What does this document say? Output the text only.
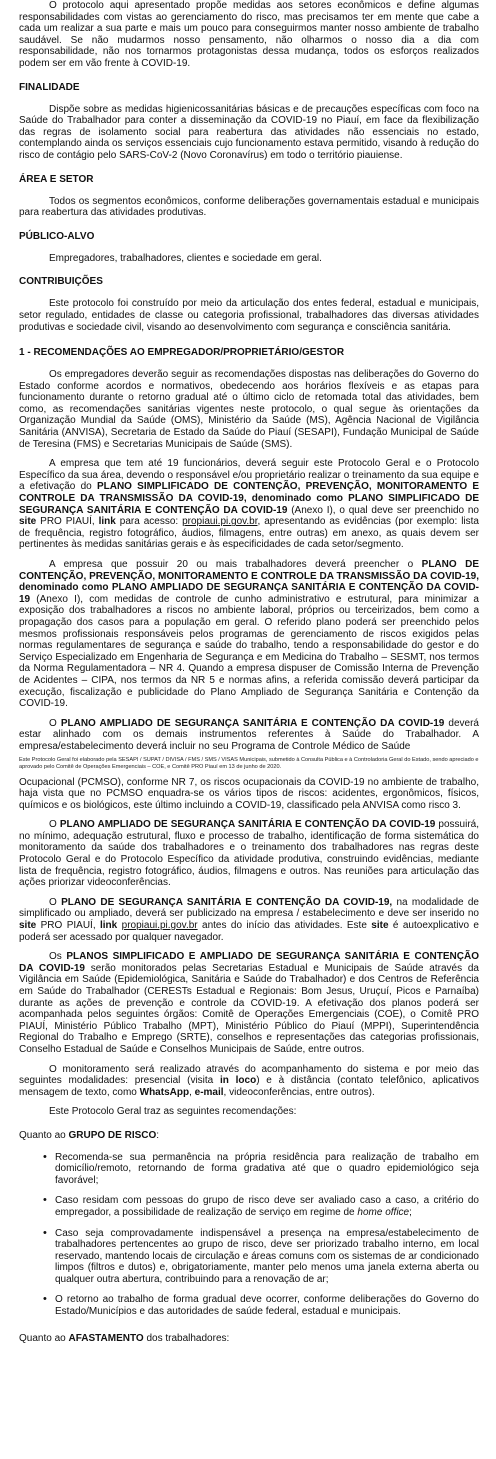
O protocolo aqui apresentado propõe medidas aos setores econômicos e define algumas responsabilidades com vistas ao gerenciamento do risco, mas precisamos ter em mente que cabe a cada um realizar a sua parte e mais um pouco para conseguirmos manter nosso ambiente de trabalho saudável. Se não mudarmos nosso pensamento, não olharmos o nosso dia a dia com responsabilidade, não nos tornarmos protagonistas dessa mudança, todos os esforços realizados podem ser em vão frente à COVID-19.

FINALIDADE

Dispõe sobre as medidas higienicossanitárias básicas e de precauções específicas com foco na Saúde do Trabalhador para conter a disseminação da COVID-19 no Piauí, em face da flexibilização das regras de isolamento social para reabertura das atividades não essenciais no estado, contemplando ainda os serviços essenciais cujo funcionamento estava permitido, visando à redução do risco de contágio pelo SARS-CoV-2 (Novo Coronavírus) em todo o território piauiense.

ÁREA E SETOR

Todos os segmentos econômicos, conforme deliberações governamentais estadual e municipais para reabertura das atividades produtivas.

PÚBLICO-ALVO

Empregadores, trabalhadores, clientes e sociedade em geral.

CONTRIBUIÇÕES

Este protocolo foi construído por meio da articulação dos entes federal, estadual e municipais, setor regulado, entidades de classe ou categoria profissional, trabalhadores das diversas atividades produtivas e sociedade civil, visando ao desenvolvimento com segurança e consciência sanitária.

1 - RECOMENDAÇÕES AO EMPREGADOR/PROPRIETÁRIO/GESTOR

Os empregadores deverão seguir as recomendações dispostas nas deliberações do Governo do Estado conforme acordos e normativos, obedecendo aos horários flexíveis e as etapas para funcionamento durante o retorno gradual até o último ciclo de retomada total das atividades, bem como, as recomendações sanitárias vigentes neste protocolo, o qual segue às orientações da Organização Mundial da Saúde (OMS), Ministério da Saúde (MS), Agência Nacional de Vigilância Sanitária (ANVISA), Secretaria de Estado da Saúde do Piauí (SESAPI), Fundação Municipal de Saúde de Teresina (FMS) e Secretarias Municipais de Saúde (SMS).

A empresa que tem até 19 funcionários, deverá seguir este Protocolo Geral e o Protocolo Específico da sua área, devendo o responsável e/ou proprietário realizar o treinamento da sua equipe e a efetivação do PLANO SIMPLIFICADO DE CONTENÇÃO, PREVENÇÃO, MONITORAMENTO E CONTROLE DA TRANSMISSÃO DA COVID-19, denominado como PLANO SIMPLIFICADO DE SEGURANÇA SANITÁRIA E CONTENÇÃO DA COVID-19 (Anexo I), o qual deve ser preenchido no site PRO PIAUÍ, link para acesso: propiaui.pi.gov.br, apresentando as evidências (por exemplo: lista de frequência, registro fotográfico, áudios, filmagens, entre outras) em anexo, as quais devem ser pertinentes às medidas sanitárias gerais e às especificidades de cada setor/segmento.

A empresa que possuir 20 ou mais trabalhadores deverá preencher o PLANO DE CONTENÇÃO, PREVENÇÃO, MONITORAMENTO E CONTROLE DA TRANSMISSÃO DA COVID-19, denominado como PLANO AMPLIADO DE SEGURANÇA SANITÁRIA E CONTENÇÃO DA COVID-19 (Anexo I), com medidas de controle de cunho administrativo e estrutural, para minimizar a exposição dos trabalhadores a riscos no ambiente laboral, próprios ou terceirizados, bem como a propagação dos casos para a população em geral. O referido plano poderá ser preenchido pelos mesmos profissionais responsáveis pelos programas de gerenciamento de riscos exigidos pelas normas regulamentares de segurança e saúde do trabalho, tendo a responsabilidade do gestor e do Serviço Especializado em Engenharia de Segurança e em Medicina do Trabalho – SESMT, nos termos da Norma Regulamentadora – NR 4. Quando a empresa dispuser de Comissão Interna de Prevenção de Acidentes – CIPA, nos termos da NR 5 e normas afins, a referida comissão deverá participar da execução, fiscalização e publicidade do Plano Ampliado de Segurança Sanitária e Contenção da COVID-19.

O PLANO AMPLIADO DE SEGURANÇA SANITÁRIA E CONTENÇÃO DA COVID-19 deverá estar alinhado com os demais instrumentos referentes à Saúde do Trabalhador. A empresa/estabelecimento deverá incluir no seu Programa de Controle Médico de Saúde

Este Protocolo Geral foi elaborado pela SESAPI / SUPAT / DIVISA / FMS / SMS / VISAS Municipais, submetido à Consulta Pública e à Controladoria Geral do Estado, sendo apreciado e aprovado pelo Comitê de Operações Emergenciais – COE, e Comitê PRO Piauí em 13 de junho de 2020.

Ocupacional (PCMSO), conforme NR 7, os riscos ocupacionais da COVID-19 no ambiente de trabalho, haja vista que no PCMSO enquadra-se os vários tipos de riscos: acidentes, ergonômicos, físicos, químicos e os biológicos, este último incluindo a COVID-19, classificado pela ANVISA como risco 3.

O PLANO AMPLIADO DE SEGURANÇA SANITÁRIA E CONTENÇÃO DA COVID-19 possuirá, no mínimo, adequação estrutural, fluxo e processo de trabalho, identificação de forma sistemática do monitoramento da saúde dos trabalhadores e o treinamento dos trabalhadores nas regras deste Protocolo Geral e do Protocolo Específico da atividade produtiva, construindo evidências, mediante lista de frequência, registro fotográfico, áudios, filmagens e outros. Nas reuniões para articulação das ações priorizar videoconferências.

O PLANO DE SEGURANÇA SANITÁRIA E CONTENÇÃO DA COVID-19, na modalidade de simplificado ou ampliado, deverá ser publicizado na empresa / estabelecimento e deve ser inserido no site PRO PIAUÍ, link propiaui.pi.gov.br antes do início das atividades. Este site é autoexplicativo e poderá ser acessado por qualquer navegador.

Os PLANOS SIMPLIFICADO E AMPLIADO DE SEGURANÇA SANITÁRIA E CONTENÇÃO DA COVID-19 serão monitorados pelas Secretarias Estadual e Municipais de Saúde através da Vigilância em Saúde (Epidemiológica, Sanitária e Saúde do Trabalhador) e dos Centros de Referência em Saúde do Trabalhador (CERESTs Estadual e Regionais: Bom Jesus, Uruçuí, Picos e Parnaíba) durante as ações de prevenção e controle da COVID-19. A efetivação dos planos poderá ser acompanhada pelos seguintes órgãos: Comitê de Operações Emergenciais (COE), o Comitê PRO PIAUÍ, Ministério Público Trabalho (MPT), Ministério Público do Piauí (MPPI), Superintendência Regional do Trabalho e Emprego (SRTE), conselhos e representações das categorias profissionais, Conselho Estadual de Saúde e Conselhos Municipais de Saúde, entre outros.

O monitoramento será realizado através do acompanhamento do sistema e por meio das seguintes modalidades: presencial (visita in loco) e à distância (contato telefônico, aplicativos mensagem de texto, como WhatsApp, e-mail, videoconferências, entre outros).

Este Protocolo Geral traz as seguintes recomendações:

Quanto ao GRUPO DE RISCO:

• Recomenda-se sua permanência na própria residência para realização de trabalho em domicílio/remoto, retornando de forma gradativa até que o quadro epidemiológico seja favorável;
• Caso residam com pessoas do grupo de risco deve ser avaliado caso a caso, a critério do empregador, a possibilidade de realização de serviço em regime de home office;
• Caso seja comprovadamente indispensável a presença na empresa/estabelecimento de trabalhadores pertencentes ao grupo de risco, deve ser priorizado trabalho interno, em local reservado, mantendo locais de circulação e áreas comuns com os sistemas de ar condicionado limpos (filtros e dutos) e, obrigatoriamente, manter pelo menos uma janela externa aberta ou qualquer outra abertura, contribuindo para a renovação de ar;
• O retorno ao trabalho de forma gradual deve ocorrer, conforme deliberações do Governo do Estado/Municípios e das autoridades de saúde federal, estadual e municipais.

Quanto ao AFASTAMENTO dos trabalhadores:
